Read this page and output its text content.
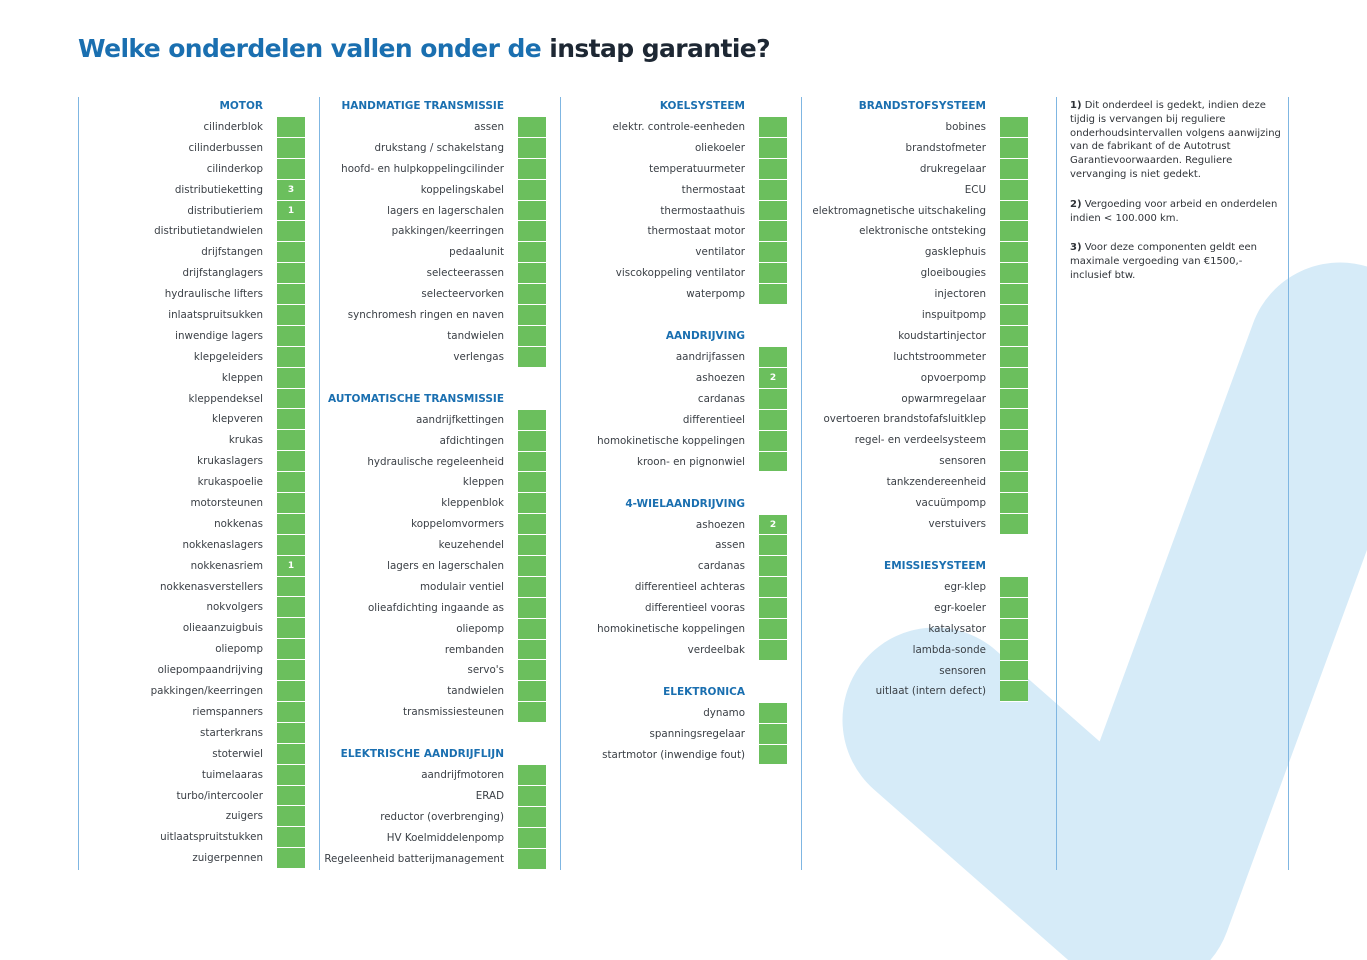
Welke onderdelen vallen onder de instap garantie?
MOTOR
cilinderblok
cilinderbussen
cilinderkop
distributieketting	3
distributieriem	1
distributietandwielen
drijfstangen
drijfstanglagers
hydraulische lifters
inlaatspruitsukken
inwendige lagers
klepgeleiders
kleppen
kleppendeksel
klepveren
krukas
krukaslagers
krukaspoelie
motorsteunen
nokkenas
nokkenaslagers
nokkenasriem	1
nokkenasverstellers
nokvolgers
olieaanzuigbuis
oliepomp
oliepompaandrijving
pakkingen/keerringen
riemspanners
starterkrans
stoterwiel
tuimelaaras
turbo/intercooler
zuigers
uitlaatspruitstukken
zuigerpennen
HANDMATIGE TRANSMISSIE
assen
drukstang / schakelstang
hoofd- en hulpkoppelingcilinder
koppelingskabel
lagers en lagerschalen
pakkingen/keerringen
pedaalunit
selecteerassen
selecteervorken
synchromesh ringen en naven
tandwielen
verlengas
AUTOMATISCHE TRANSMISSIE
aandrijfkettingen
afdichtingen
hydraulische regeleenheid
kleppen
kleppenblok
koppelomvormers
keuzehendel
lagers en lagerschalen
modulair ventiel
olieafdichting ingaande as
oliepomp
rembanden
servo's
tandwielen
transmissiesteunen
ELEKTRISCHE AANDRIJFLIJN
aandrijfmotoren
ERAD
reductor (overbrenging)
HV Koelmiddelenpomp
Regeleenheid batterijmanagement
KOELSYSTEEM
elektr. controle-eenheden
oliekoeler
temperatuurmeter
thermostaat
thermostaathuis
thermostaat motor
ventilator
viscokoppeling ventilator
waterpomp
AANDRIJVING
aandrijfassen
ashoezen	2
cardanas
differentieel
homokinetische koppelingen
kroon- en pignonwiel
4-WIELAANDRIJVING
ashoezen	2
assen
cardanas
differentieel achteras
differentieel vooras
homokinetische koppelingen
verdeelbak
ELEKTRONICA
dynamo
spanningsregelaar
startmotor (inwendige fout)
BRANDSTOFSYSTEEM
bobines
brandstofmeter
drukregelaar
ECU
elektromagnetische uitschakeling
elektronische ontsteking
gasklephuis
gloeibougies
injectoren
inspuitpomp
koudstartinjector
luchtstroommeter
opvoerpomp
opwarmregelaar
overtoeren brandstofafsluitklep
regel- en verdeelsysteem
sensoren
tankzendereenheid
vacuümpomp
verstuivers
EMISSIESYSTEEM
egr-klep
egr-koeler
katalysator
lambda-sonde
sensoren
uitlaat (intern defect)

1) Dit onderdeel is gedekt, indien deze tijdig is vervangen bij reguliere onderhoudsintervallen volgens aanwijzing van de fabrikant of de Autotrust Garantievoorwaarden. Reguliere vervanging is niet gedekt.

2) Vergoeding voor arbeid en onderdelen indien < 100.000 km.

3) Voor deze componenten geldt een maximale vergoeding van €1500,- inclusief btw.
